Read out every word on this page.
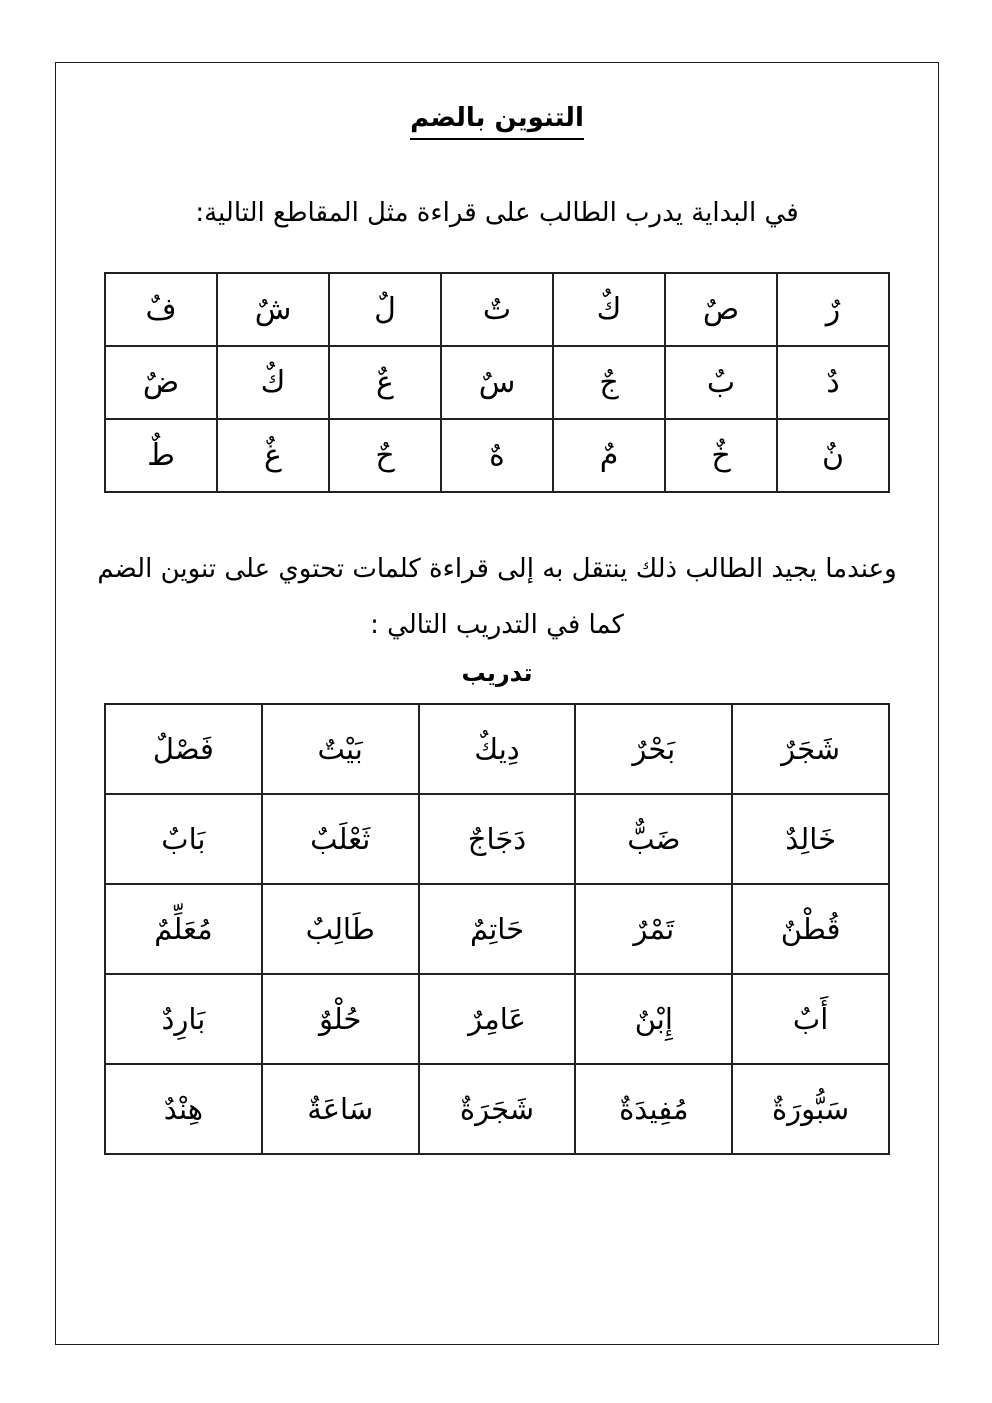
التنوين بالضم
في البداية يدرب الطالب على قراءة مثل المقاطع التالية:
رٌ	صٌ	كٌ	تٌ	لٌ	شٌ	فٌ
دٌ	بٌ	جٌ	سٌ	عٌ	كٌ	ضٌ
نٌ	خٌ	مٌ	هٌ	حٌ	غٌ	طٌ
وعندما يجيد الطالب ذلك ينتقل به إلى قراءة كلمات تحتوي على تنوين الضم
كما في التدريب التالي :
تدريب
شَجَرٌ	بَحْرٌ	دِيكٌ	بَيْتٌ	فَصْلٌ
خَالِدٌ	ضَبٌّ	دَجَاجٌ	ثَعْلَبٌ	بَابٌ
قُطْنٌ	تَمْرٌ	حَاتِمٌ	طَالِبٌ	مُعَلِّمٌ
أَبٌ	إِبْنٌ	عَامِرٌ	حُلْوٌ	بَارِدٌ
سَبُّورَةٌ	مُفِيدَةٌ	شَجَرَةٌ	سَاعَةٌ	هِنْدٌ
